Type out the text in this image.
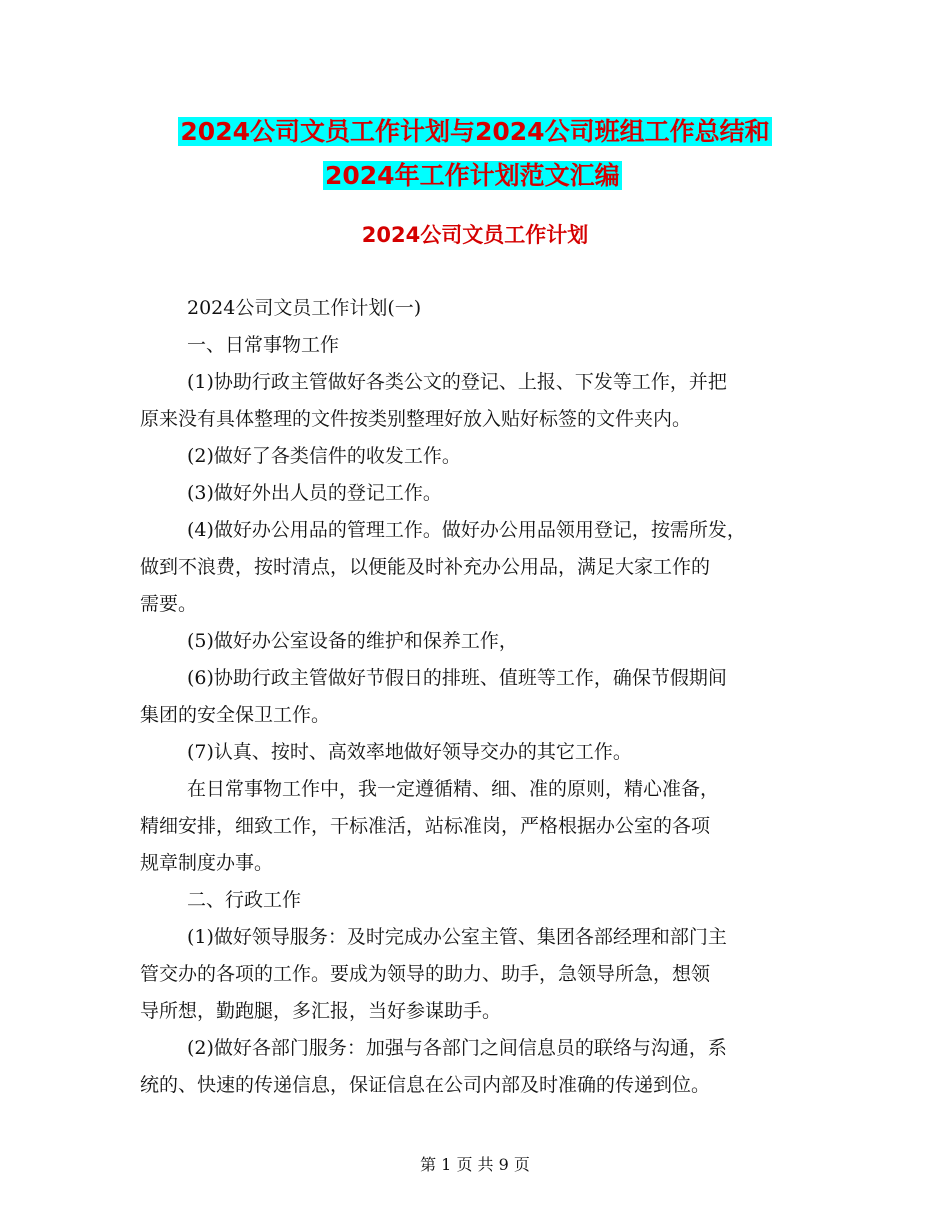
2024公司文员工作计划与2024公司班组工作总结和
2024年工作计划范文汇编
2024公司文员工作计划

2024公司文员工作计划(一)

一、日常事物工作

(1)协助行政主管做好各类公文的登记、上报、下发等工作，并把
原来没有具体整理的文件按类别整理好放入贴好标签的文件夹内。

(2)做好了各类信件的收发工作。

(3)做好外出人员的登记工作。

(4)做好办公用品的管理工作。做好办公用品领用登记，按需所发，
做到不浪费，按时清点，以便能及时补充办公用品，满足大家工作的
需要。

(5)做好办公室设备的维护和保养工作，

(6)协助行政主管做好节假日的排班、值班等工作，确保节假期间
集团的安全保卫工作。

(7)认真、按时、高效率地做好领导交办的其它工作。

在日常事物工作中，我一定遵循精、细、准的原则，精心准备，
精细安排，细致工作，干标准活，站标准岗，严格根据办公室的各项
规章制度办事。

二、行政工作

(1)做好领导服务：及时完成办公室主管、集团各部经理和部门主
管交办的各项的工作。要成为领导的助力、助手，急领导所急，想领
导所想，勤跑腿，多汇报，当好参谋助手。

(2)做好各部门服务：加强与各部门之间信息员的联络与沟通，系
统的、快速的传递信息，保证信息在公司内部及时准确的传递到位。

第 1 页 共 9 页
